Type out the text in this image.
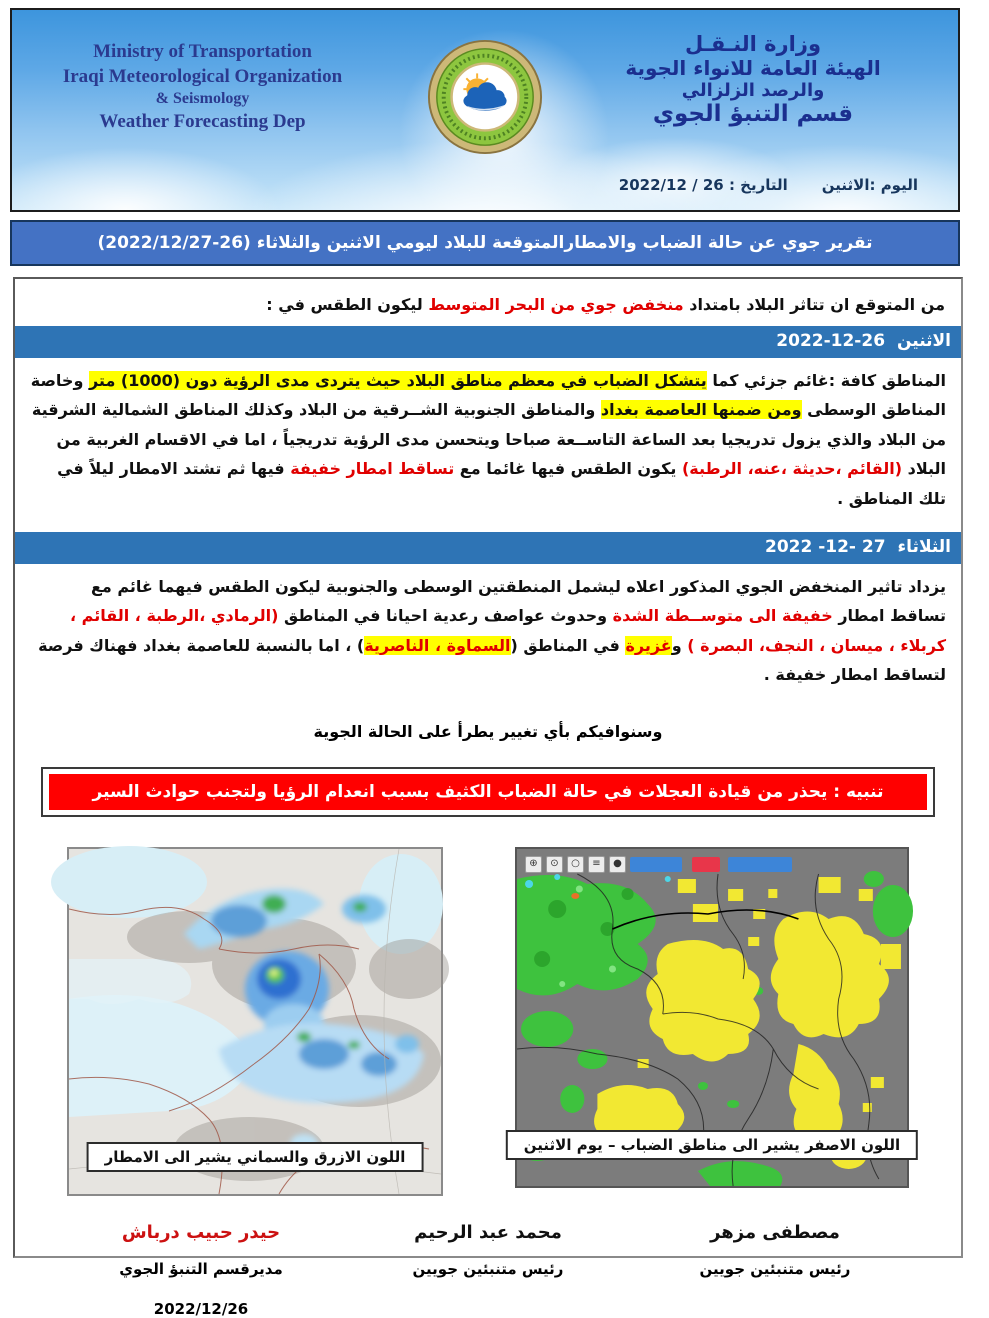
Ministry of Transportation
Iraqi Meteorological Organization
& Seismology
Weather Forecasting Dep
وزارة النـقـل
الهيئة العامة للانواء الجوية
والرصد الزلزالي
قسم التنبؤ الجوي
اليوم :الاثنين
التاريخ : 26 / 2022/12
تقرير جوي عن حالة الضباب والامطارالمتوقعة للبلاد ليومي الاثنين والثلاثاء (26-2022/12/27)
من المتوقع ان تتاثر البلاد بامتداد منخفض جوي من البحر المتوسط ليكون الطقس في :
الاثنين 2022-12-26
المناطق كافة :غائم جزئي كما يتشكل الضباب في معظم مناطق البلاد حيث يتردى مدى الرؤية دون (1000) متر وخاصة المناطق الوسطى ومن ضمنها العاصمة بغداد والمناطق الجنوبية الشــرقية من البلاد وكذلك المناطق الشمالية الشرقية من البلاد والذي يزول تدريجيا بعد الساعة التاســعة صباحا ويتحسن مدى الرؤية تدريجياً ، اما في الاقسام الغربية من البلاد (القائم ،حديثة ،عنه، الرطبة) يكون الطقس فيها غائما مع تساقط امطار خفيفة فيها ثم تشتد الامطار ليلاً في تلك المناطق .
الثلاثاء 2022 -12- 27
يزداد تاثير المنخفض الجوي المذكور اعلاه ليشمل المنطقتين الوسطى والجنوبية ليكون الطقس فيهما غائم مع تساقط امطار خفيفة الى متوســطة الشدة وحدوث عواصف رعدية احيانا في المناطق (الرمادي ،الرطبة ، القائم ، كربلاء ، ميسان ، النجف، البصرة ) وغزيرة في المناطق (السماوة ، الناصرية) ، اما بالنسبة للعاصمة بغداد فهناك فرصة لتساقط امطار خفيفة .
وسنوافيكم بأي تغيير يطرأ على الحالة الجوية
تنبيه : يحذر من قيادة العجلات في حالة الضباب الكثيف بسبب انعدام الرؤيا ولتجنب حوادث السير
اللون الازرق والسماني يشير الى الامطار
⊕	⊙	○	≡	●
اللون الاصفر يشير الى مناطق الضباب – يوم الاثنين
حيدر حبيب درباش
مديرقسم التنبؤ الجوي
2022/12/26
محمد عبد الرحيم
رئيس متنبئين جويين
مصطفى مزهر
رئيس متنبئين جويين
